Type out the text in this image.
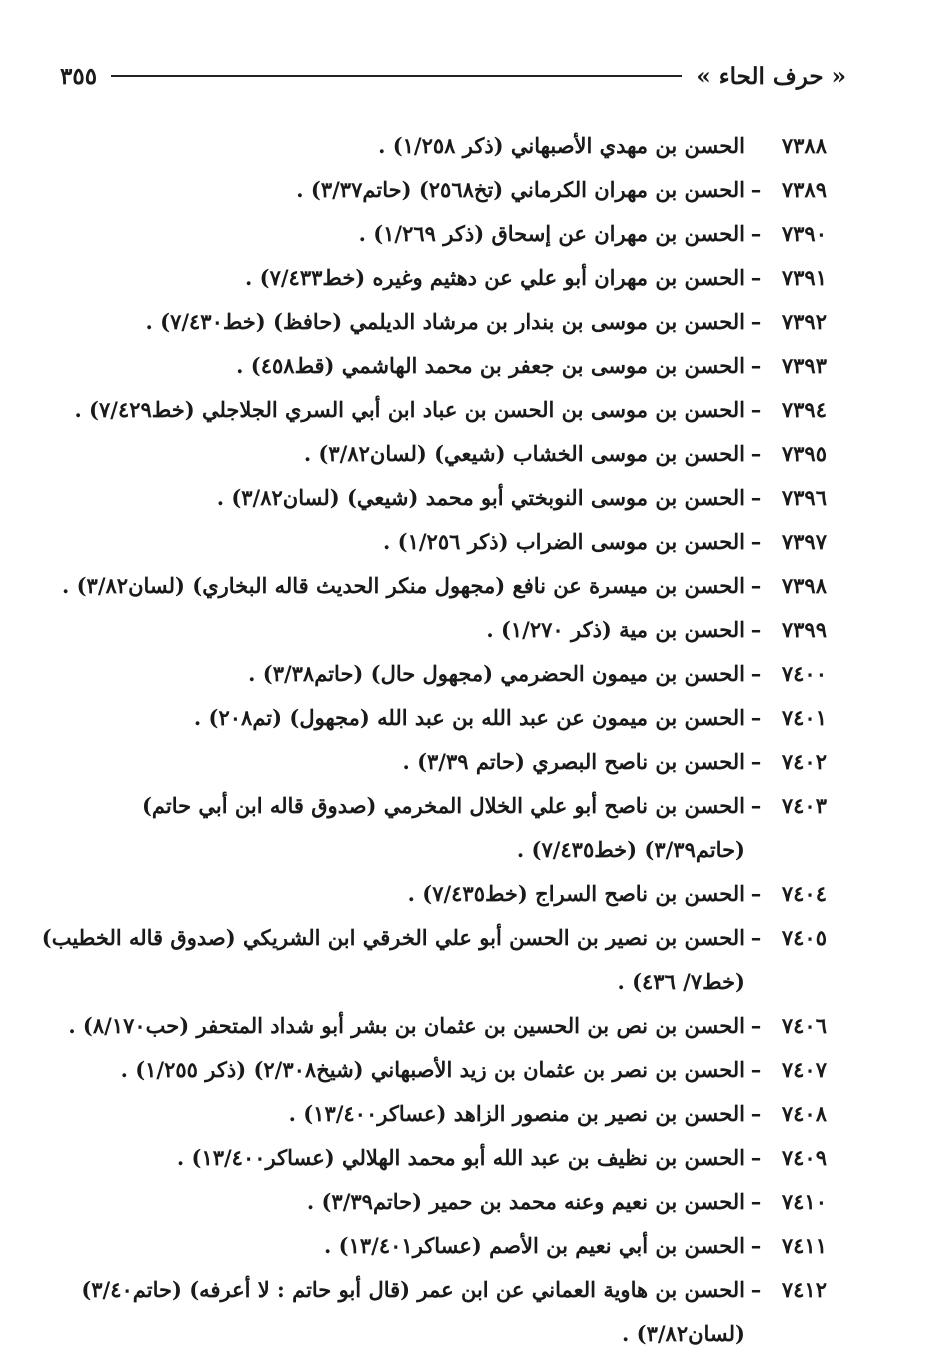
« حرف الحاء »
٣٥٥
٧٣٨٨
الحسن بن مهدي الأصبهاني (ذكر ١/٢٥٨) .
٧٣٨٩
–
الحسن بن مهران الكرماني (تخ٢٥٦٨) (حاتم٣/٣٧) .
٧٣٩٠
–
الحسن بن مهران عن إسحاق (ذكر ١/٢٦٩) .
٧٣٩١
–
الحسن بن مهران أبو علي عن دهثيم وغيره (خط٧/٤٣٣) .
٧٣٩٢
–
الحسن بن موسى بن بندار بن مرشاد الديلمي (حافظ) (خط٧/٤٣٠) .
٧٣٩٣
–
الحسن بن موسى بن جعفر بن محمد الهاشمي (قط٤٥٨) .
٧٣٩٤
–
الحسن بن موسى بن الحسن بن عباد ابن أبي السري الجلاجلي (خط٧/٤٢٩) .
٧٣٩٥
–
الحسن بن موسى الخشاب (شيعي) (لسان٣/٨٢) .
٧٣٩٦
–
الحسن بن موسى النوبختي أبو محمد (شيعي) (لسان٣/٨٢) .
٧٣٩٧
–
الحسن بن موسى الضراب (ذكر ١/٢٥٦) .
٧٣٩٨
–
الحسن بن ميسرة عن نافع (مجهول منكر الحديث قاله البخاري) (لسان٣/٨٢) .
٧٣٩٩
–
الحسن بن مية (ذكر ١/٢٧٠) .
٧٤٠٠
–
الحسن بن ميمون الحضرمي (مجهول حال) (حاتم٣/٣٨) .
٧٤٠١
–
الحسن بن ميمون عن عبد الله بن عبد الله (مجهول) (تم٢٠٨) .
٧٤٠٢
–
الحسن بن ناصح البصري (حاتم ٣/٣٩) .
٧٤٠٣
–
الحسن بن ناصح أبو علي الخلال المخرمي (صدوق قاله ابن أبي حاتم) (حاتم٣/٣٩) (خط٧/٤٣٥) .
٧٤٠٤
–
الحسن بن ناصح السراج (خط٧/٤٣٥) .
٧٤٠٥
–
الحسن بن نصير بن الحسن أبو علي الخرقي ابن الشريكي (صدوق قاله الخطيب) (خط٧/ ٤٣٦) .
٧٤٠٦
–
الحسن بن نص بن الحسين بن عثمان بن بشر أبو شداد المتحفر (حب٨/١٧٠) .
٧٤٠٧
–
الحسن بن نصر بن عثمان بن زيد الأصبهاني (شيخ٢/٣٠٨) (ذكر ١/٢٥٥) .
٧٤٠٨
–
الحسن بن نصير بن منصور الزاهد (عساكر١٣/٤٠٠) .
٧٤٠٩
–
الحسن بن نظيف بن عبد الله أبو محمد الهلالي (عساكر١٣/٤٠٠) .
٧٤١٠
–
الحسن بن نعيم وعنه محمد بن حمير (حاتم٣/٣٩) .
٧٤١١
–
الحسن بن أبي نعيم بن الأصم (عساكر١٣/٤٠١) .
٧٤١٢
–
الحسن بن هاوية العماني عن ابن عمر (قال أبو حاتم : لا أعرفه) (حاتم٣/٤٠) (لسان٣/٨٢) .
